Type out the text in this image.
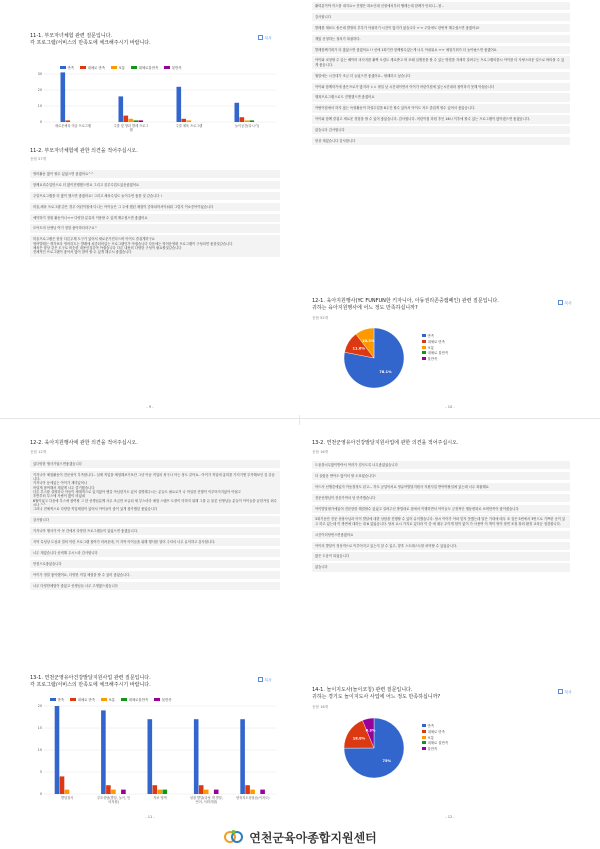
11-1. 부모자녀체험 관련 질문입니다.
각 프로그램/서비스의 만족도에 체크해주시기 바랍니다.
복사
만족	대체로 만족	보통	대체로불만족	불만족
0
10
20
30
새로운체육 미술 프로그램	주말 및 방과 발레 프로그
램
주말 체육 프로그램	놀이공간(다시기)
11-2. 부모자녀체험에 관한 의견을 적어주십시오.
응답 27개
영어활동 많이 할수 있었으면 좋겠어요^^
함께요리수업만으로 더 많이진행했으면요 그리고 블루수업도있음좋겠어요
주말프로그램을 더 많이 했으면 좋겠어요! 그리고 체육수업도 놀이주면 좋을 것 같습니다 !
미술,체육 프로그램 같은 경우 어린이집에 다니는 아이들은 그 주에 했던 체험이 중복되어서아쉬워 그렇지 이소중아이었습니다
예약하기 정원 활동이나ㅠㅠ 다양한 분류의 이용할 수 있게 해주셨으면 좋겠어요
모아트미 선생님 여기 정말 좋아하더라구요^
미술프로그램은 항상 다른주제 도구가 있어서 새로운가진다으며 아이도 즐겁게하구요
영어발레는 생각보다 영어리트는 발레에 치중되어있는 프로그램인가 아쉽습니다 다음에는 영어운영평 프로그램이 구성되면 좋을것같습니다
체육은 항상 같은 도구로 비슷한 내용인것같아 아쉽습니다 다른 내용의 다양한 구성이 필요할것같습니다
전체적인 프로그램이 좋아서 많이 참여 할 수 있게 해주시 좋겠습니다
- 9 -
활력분이야 이으를 내지요ㅠ 진행은 회소인데 신청에서부터 헬레는데 함께가 안되니...첨 ..
감사합니다
발레를 재료도 솔은데 발벌의 부부가 아쉬하기 시간이 많지가 않습니다 ㅠㅠ 주말에도 한번씩 해주셨으면 좋겠어요!
재밌 신청하는 절차가 복잡하다.
발레함께기회가 더 많았으면 좋겠어요 !! 선에 1회기만 함께할수있는게 너무 아쉬워요 ㅠㅠ 체험기회가 더 높아났으면 좋겠어요
아이와 코칭할 수 있는 베이비 마사지를 활짝 오렸도 새로받고 며 포때 실행종을 할 수 있는 방법을 자세히 알려주는 프로그램의를시 아이를 더 사랑스러운 일으로 바라볼 수 있게 좋습니다.
월말에는 시간대가 조금 더 늘었으면 좋겠어요.. 평래하고 싶습니다
아이와 함께하기에 좋은프로가 많지라 ㅎㅎ 평일 낮 시간대이면서 아이가 어린이집에 있는시간대라 참여하지 못해 아쉽습니다
행복프로그램으로도 진행했으면 좋겠어요
아람이집에서 하지 않는 독형활동이 하셜수업을 8주간 할수 있어서 아이도 저도 즐겁게 할수 있어서 좋았습니다.
아이와 함께 즐겁고 새로운 경험을 할 수 있어 좋았습니다. 감사합니다. 어린이집 하원 후인 16시 이후에 할수 있는 프로그램이 많아졌으면 좋겠습니다.
없습니다 감사합니다
항상 재밌습니다 감사합니다
12-1. 육아지원행사(YC FUNFUN한 키자니아, 아동권리존중캠페인) 관련 질문입니다.
귀하는 육아지원행사에 어느 정도 만족하십니까?
응답 52개
복사
78.1%
11.6%
10.3%
만족
대체로 만족
보통
대체로 불만족
불만족
- 10 -
12-2. 육아지원행사에 관한 의견을 적어주십시오.
응답 12개
있다양한 행사가였으면좋겠습니다
키자니아 체험활동이 전문성이 부족합니다.. 실제 직업을 체험해보기보단 그냥 아동 직업의 장구나 아는 정도 같아요.. 아이가 직업에 흥미를 가지기엔 부족해보인 것 같습니다.
키자니아 동에있는 아이가 재미있어나
어렵게 참여해서 재밌게 너무 즐거웠습니다
다른 부스를 설명하나 아동이 체계적으로 있지않아 헷갈 아님한거도 있어 설명해주시는 분들도 필요로거 나 학일한 진행이 이루어지지않아 아쉽고
후반부터 부스에 사람이 많이 비었네
6월이었고 다음에 부스에 참여할 그 한 선생님분께 사무 조금만 조급되 세 부스마다 체험 스탬프 도장이 미하지 위해 그를 돈 물론 선생님들 분들이 아이들을 끝한거임 최수 시나 ^^
그러나 전체적으로 다양한 직업체험이 있어서 아이들이 좋이 있게 참가했던 좋았습니다
감사합니다
키자니아 행사가 아 꼭 간에서 다양한 프로그램들이 있었으면 좋겠습니다.
지역 특성상 도심과 멀어 이런 프로그램 참여가 어려운데, 이 지역 아이들을 위해 행사를 열어 주셔서 너무 유익하고 감사합니다.
너무 재밌습니다 준비해 주시느라 감사합니다
만점으로좋았습니다
아이가 정말 좋아했어요, 다양한 직업 체험을 할 수 있어 좋았습니다.
너무 다양한체험이 좋았고 선생님들 너무 고생많으셨습니다
13-1. 연천군영유아건강발달지원사업 관련 질문입니다.
각 프로그램/서비스의 만족도에 체크해주시기 바랍니다.
복사
만족	대체로 만족	보통	대체로불만족	불만족
0
5
10
15
20
발달검사	부모상담(발달, 놀이, 언
어지원)
자조 영역	성장 발달(다섯 개 발달,
언어, 사회지원)
양육지도상담(놀이지도)
- 11 -
13-2. 연천군영유아건강발달지원사업에 관한 의견을 적어주십시오.
응답 16개
도움을너무많이받아서 여러가 검사도록 너무좋았었습니다
더 골랐음 받아도 많이서 할 도표였습니다!
아드사 선행중에있지 아동결정도 된고... 자도 공업아서요 영유아발달지원사 지원사업 받아야할일에 있는데 너무 복잡해요
전문선생님이 전문가여서 넘 만족했습니다
아이발달평가에있어 전문한한 해결할수 있었고 걸려주신 방법대로 집에서 이행하면서 아이들도 긍정적인 행동변화로 보며만족이 좋아졌습니다
3회기동안 전문 상담사님과 아이 발달에 대한 상담을 진행할 수 있어 유익했습니다. 당시 아이가 아파 맞지 못했는데 알은 기대에 매우 조 것은 5번에서 3번으로 기쁘한 곳이 있고 하고 있는데 이 방면에 대하는 대 6 있었습니다. 당처 요시 가지로 있다라 이 중 에 매우 무이게 답이 없이 가 사용여 이 책이 영아 장면 조절 장외 환경 교육등 점검합니다.
시간이더당번으면좋겠어요
아이의 발달이 정상적으로 이루어지고 있는지 알 수 있고, 향후 스트레스도를 파악할 수 있었습니다.
많은 도움이 되었습니다
없습니다
14-1. 놀이지도사(놀이코칭) 관련 질문입니다.
귀하는 경기도 놀이지도사 사업에 어느 정도 만족하십니까?
응답 16개
복사
75%
18.8%
6.3%
만족
대체로 만족
보통
대체로 불만족
불만족
- 12 -
연천군육아종합지원센터
